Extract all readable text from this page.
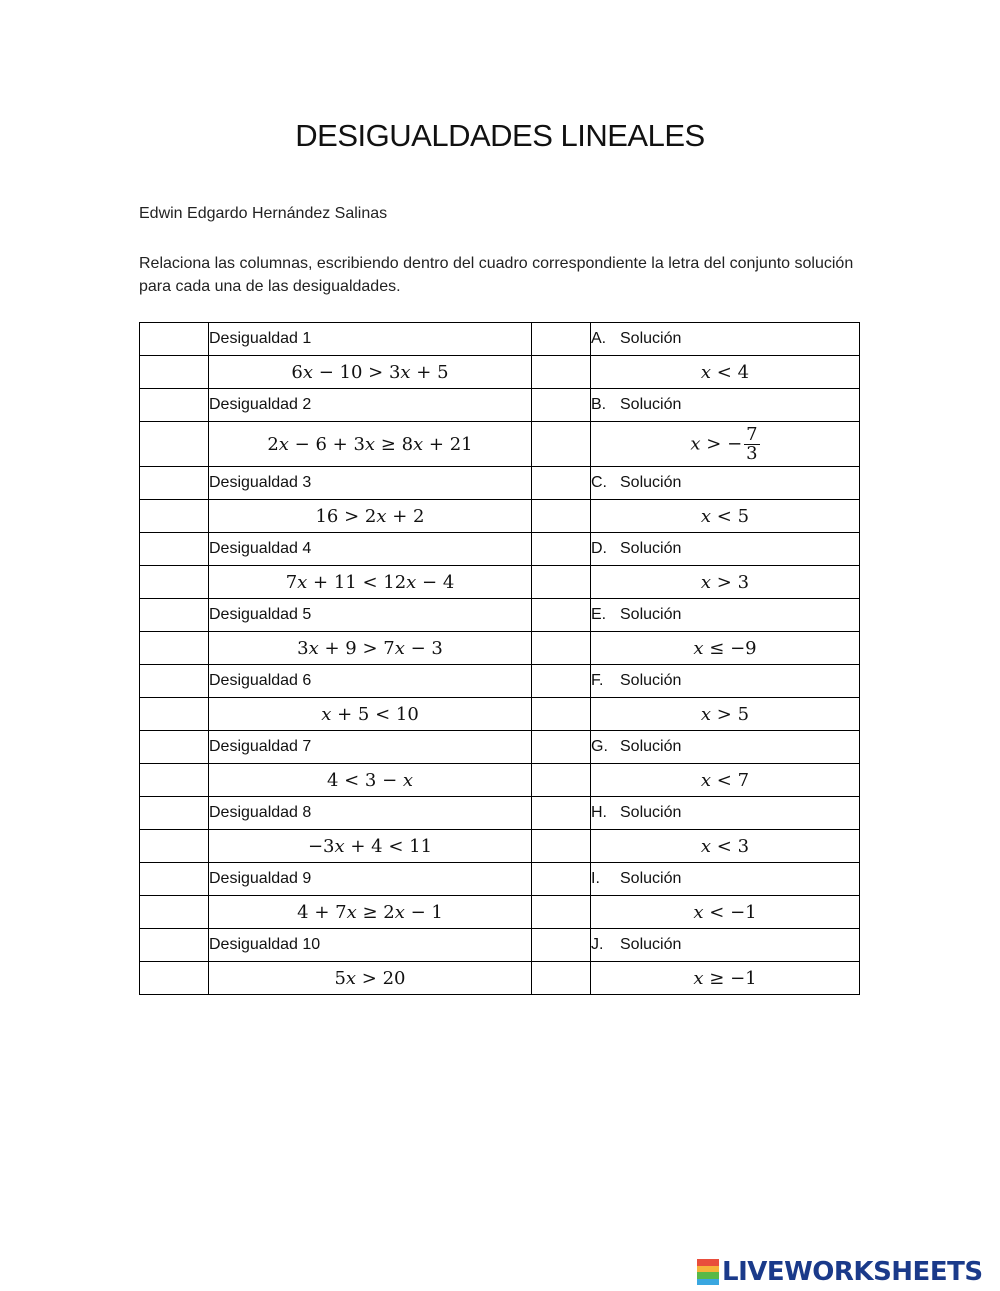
DESIGUALDADES LINEALES
Edwin Edgardo Hernández Salinas
Relaciona las columnas, escribiendo dentro del cuadro correspondiente la letra del conjunto solución para cada una de las desigualdades.
	Desigualdad 1		A. Solución
	6𝑥 − 10 > 3𝑥 + 5		𝑥 < 4
	Desigualdad 2		B. Solución
	2𝑥 − 6 + 3𝑥 ≥ 8𝑥 + 21		𝑥 > − $\frac{7}{3}$

	Desigualdad 3		C. Solución
	16 > 2𝑥 + 2		𝑥 < 5
	Desigualdad 4		D. Solución
	7𝑥 + 11 < 12𝑥 − 4		𝑥 > 3
	Desigualdad 5		E. Solución
	3𝑥 + 9 > 7𝑥 − 3		𝑥 ≤ −9
	Desigualdad 6		F. Solución
	𝑥 + 5 < 10		𝑥 > 5
	Desigualdad 7		G. Solución
	4 < 3 − 𝑥		𝑥 < 7
	Desigualdad 8		H. Solución
	−3𝑥 + 4 < 11		𝑥 < 3
	Desigualdad 9		I. Solución
	4 + 7𝑥 ≥ 2𝑥 − 1		𝑥 < −1
	Desigualdad 10		J. Solución
	5𝑥 > 20		𝑥 ≥ −1
LIVEWORKSHEETS
